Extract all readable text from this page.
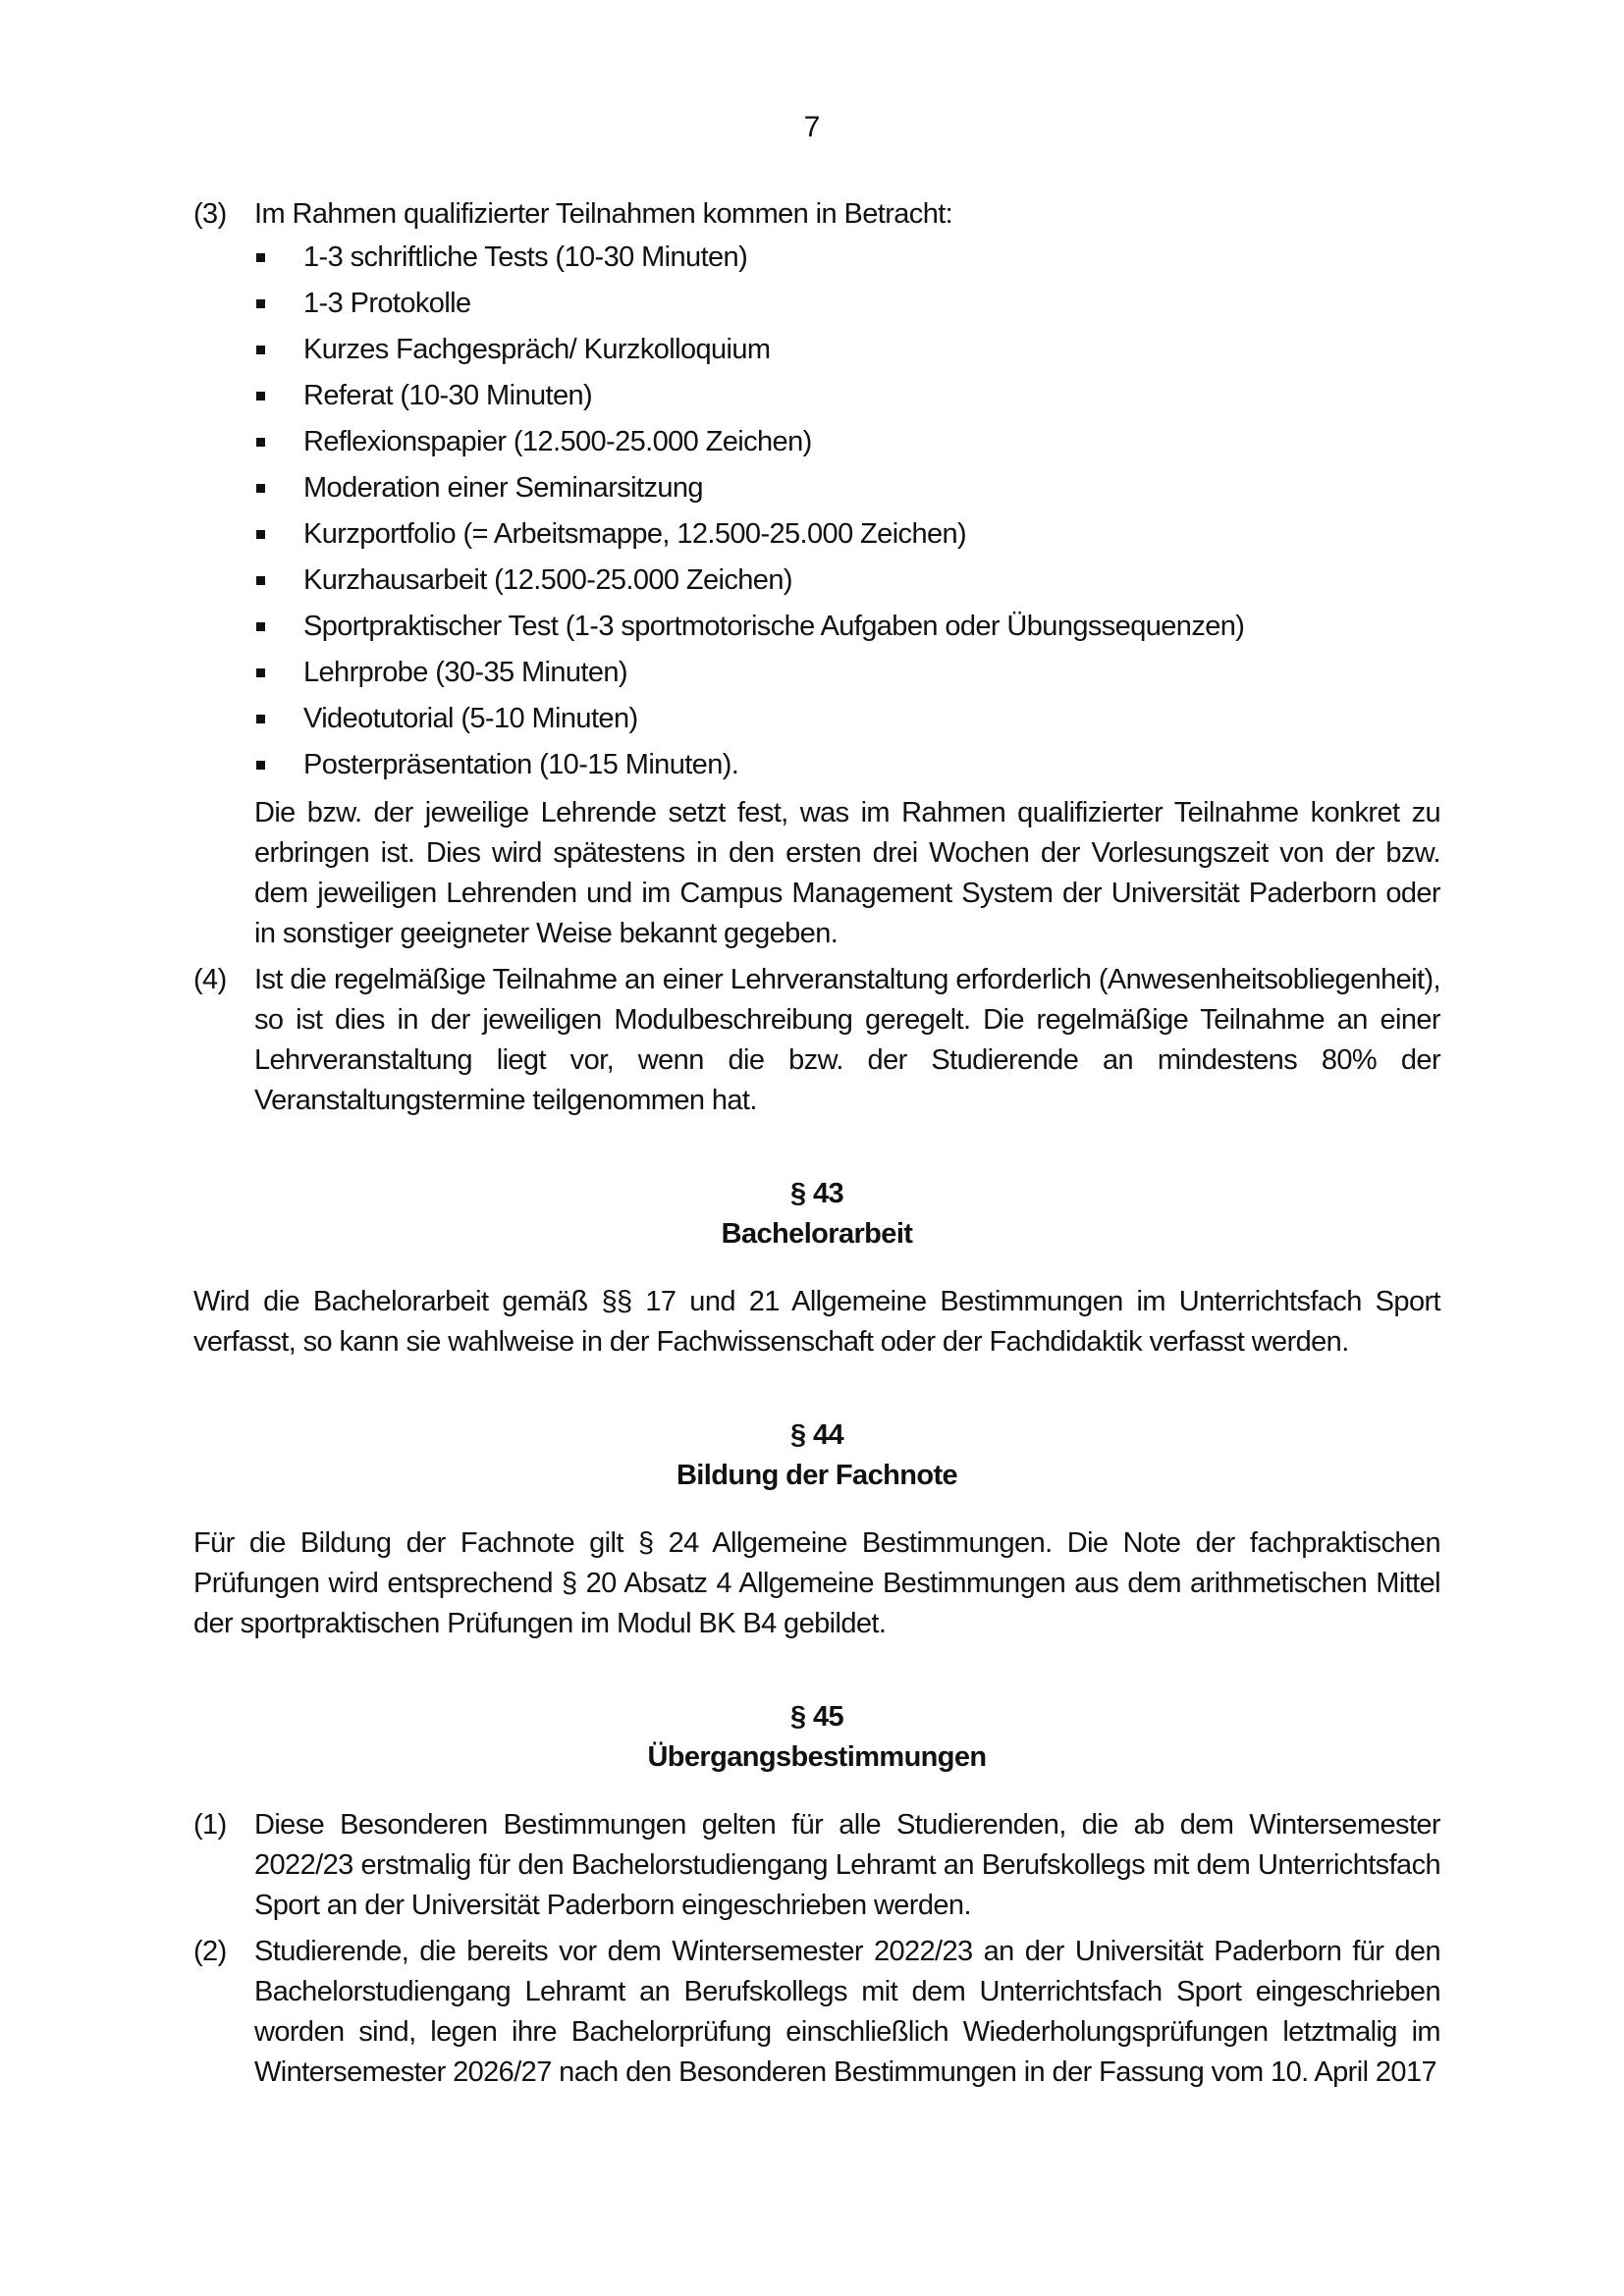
7
(3) Im Rahmen qualifizierter Teilnahmen kommen in Betracht:
1-3 schriftliche Tests (10-30 Minuten)
1-3 Protokolle
Kurzes Fachgespräch/ Kurzkolloquium
Referat (10-30 Minuten)
Reflexionspapier (12.500-25.000 Zeichen)
Moderation einer Seminarsitzung
Kurzportfolio (= Arbeitsmappe, 12.500-25.000 Zeichen)
Kurzhausarbeit (12.500-25.000 Zeichen)
Sportpraktischer Test (1-3 sportmotorische Aufgaben oder Übungssequenzen)
Lehrprobe (30-35 Minuten)
Videotutorial (5-10 Minuten)
Posterpräsentation (10-15 Minuten).
Die bzw. der jeweilige Lehrende setzt fest, was im Rahmen qualifizierter Teilnahme konkret zu erbringen ist. Dies wird spätestens in den ersten drei Wochen der Vorlesungszeit von der bzw. dem jeweiligen Lehrenden und im Campus Management System der Universität Paderborn oder in sonstiger geeigneter Weise bekannt gegeben.
(4) Ist die regelmäßige Teilnahme an einer Lehrveranstaltung erforderlich (Anwesenheitsobliegenheit), so ist dies in der jeweiligen Modulbeschreibung geregelt. Die regelmäßige Teilnahme an einer Lehrveranstaltung liegt vor, wenn die bzw. der Studierende an mindestens 80% der Veranstaltungstermine teilgenommen hat.
§ 43
Bachelorarbeit
Wird die Bachelorarbeit gemäß §§ 17 und 21 Allgemeine Bestimmungen im Unterrichtsfach Sport verfasst, so kann sie wahlweise in der Fachwissenschaft oder der Fachdidaktik verfasst werden.
§ 44
Bildung der Fachnote
Für die Bildung der Fachnote gilt § 24 Allgemeine Bestimmungen. Die Note der fachpraktischen Prüfungen wird entsprechend § 20 Absatz 4 Allgemeine Bestimmungen aus dem arithmetischen Mittel der sportpraktischen Prüfungen im Modul BK B4 gebildet.
§ 45
Übergangsbestimmungen
(1) Diese Besonderen Bestimmungen gelten für alle Studierenden, die ab dem Wintersemester 2022/23 erstmalig für den Bachelorstudiengang Lehramt an Berufskollegs mit dem Unterrichtsfach Sport an der Universität Paderborn eingeschrieben werden.
(2) Studierende, die bereits vor dem Wintersemester 2022/23 an der Universität Paderborn für den Bachelorstudiengang Lehramt an Berufskollegs mit dem Unterrichtsfach Sport eingeschrieben worden sind, legen ihre Bachelorprüfung einschließlich Wiederholungsprüfungen letztmalig im Wintersemester 2026/27 nach den Besonderen Bestimmungen in der Fassung vom 10. April 2017
